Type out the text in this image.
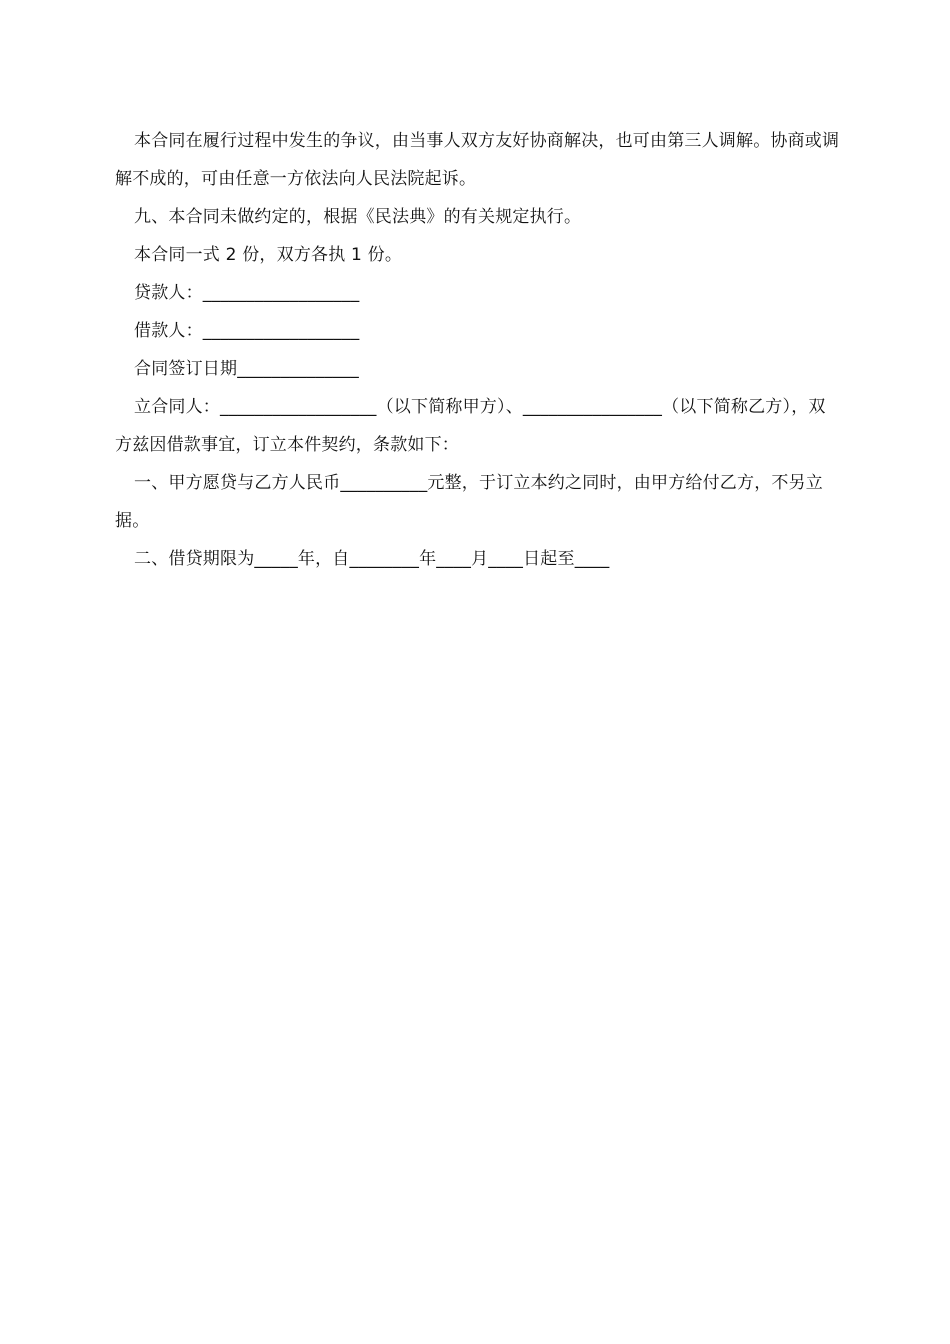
本合同在履行过程中发生的争议，由当事人双方友好协商解决，也可由第三人调解。协商或调解不成的，可由任意一方依法向人民法院起诉。

九、本合同未做约定的，根据《民法典》的有关规定执行。

本合同一式 2 份，双方各执 1 份。

贷款人：__________________

借款人：__________________

合同签订日期______________

立合同人：__________________（以下简称甲方）、________________（以下简称乙方），双方兹因借款事宜，订立本件契约，条款如下：

一、甲方愿贷与乙方人民币__________元整，于订立本约之同时，由甲方给付乙方，不另立据。

二、借贷期限为_____年，自________年____月____日起至____
